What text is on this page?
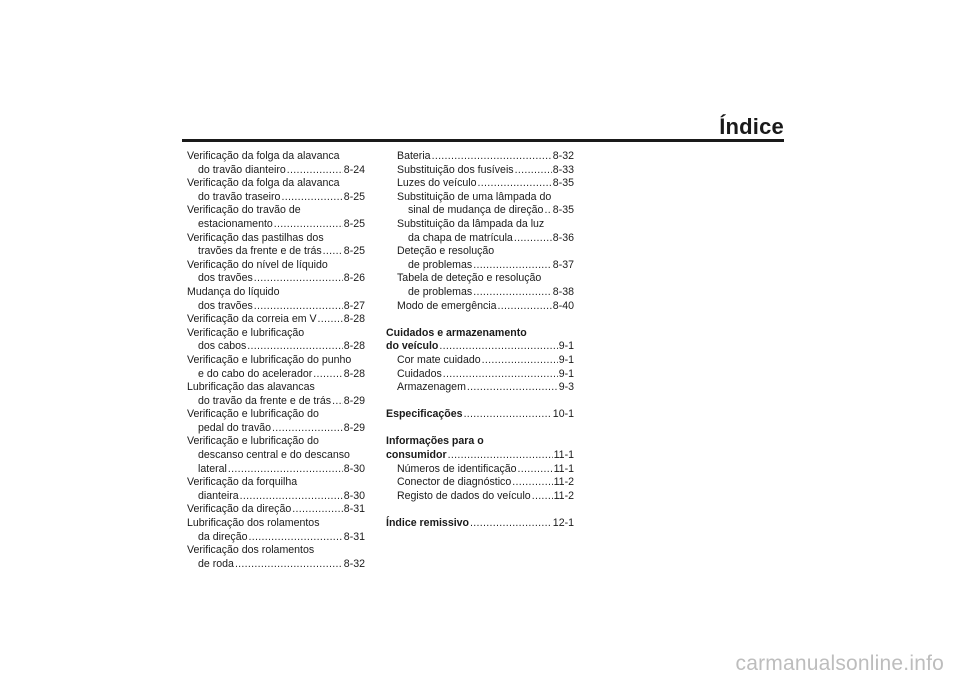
Índice
Verificação da folga da alavanca
do travão dianteiro .....	8-24
Verificação da folga da alavanca
do travão traseiro .....	8-25
Verificação do travão de
estacionamento .....	8-25
Verificação das pastilhas dos
travões da frente e de trás ..... 8-25
Verificação do nível de líquido
dos travões .....	8-26
Mudança do líquido
dos travões .....	8-27
Verificação da correia em V .....	8-28
Verificação e lubrificação
dos cabos .....	8-28
Verificação e lubrificação do punho
e do cabo do acelerador .....	8-28
Lubrificação das alavancas
do travão da frente e de trás ..... 8-29
Verificação e lubrificação do
pedal do travão .....	8-29
Verificação e lubrificação do
descanso central e do descanso
lateral .....	8-30
Verificação da forquilha
dianteira .....	8-30
Verificação da direção .....	8-31
Lubrificação dos rolamentos
da direção .....	8-31
Verificação dos rolamentos
de roda .....	8-32
Bateria .....	8-32
Substituição dos fusíveis .....	8-33
Luzes do veículo .....	8-35
Substituição de uma lâmpada do
sinal de mudança de direção ..... 8-35
Substituição da lâmpada da luz
da chapa de matrícula .....	8-36
Deteção e resolução
de problemas .....	8-37
Tabela de deteção e resolução
de problemas .....	8-38
Modo de emergência .....	8-40
Cuidados e armazenamento
do veículo .....	9-1
Cor mate cuidado .....	9-1
Cuidados .....	9-1
Armazenagem .....	9-3
Especificações .....	10-1
Informações para o
consumidor .....	11-1
Números de identificação .....	11-1
Conector de diagnóstico .....	11-2
Registo de dados do veículo ..... 11-2
Índice remissivo .....	12-1
carmanualsonline.info
